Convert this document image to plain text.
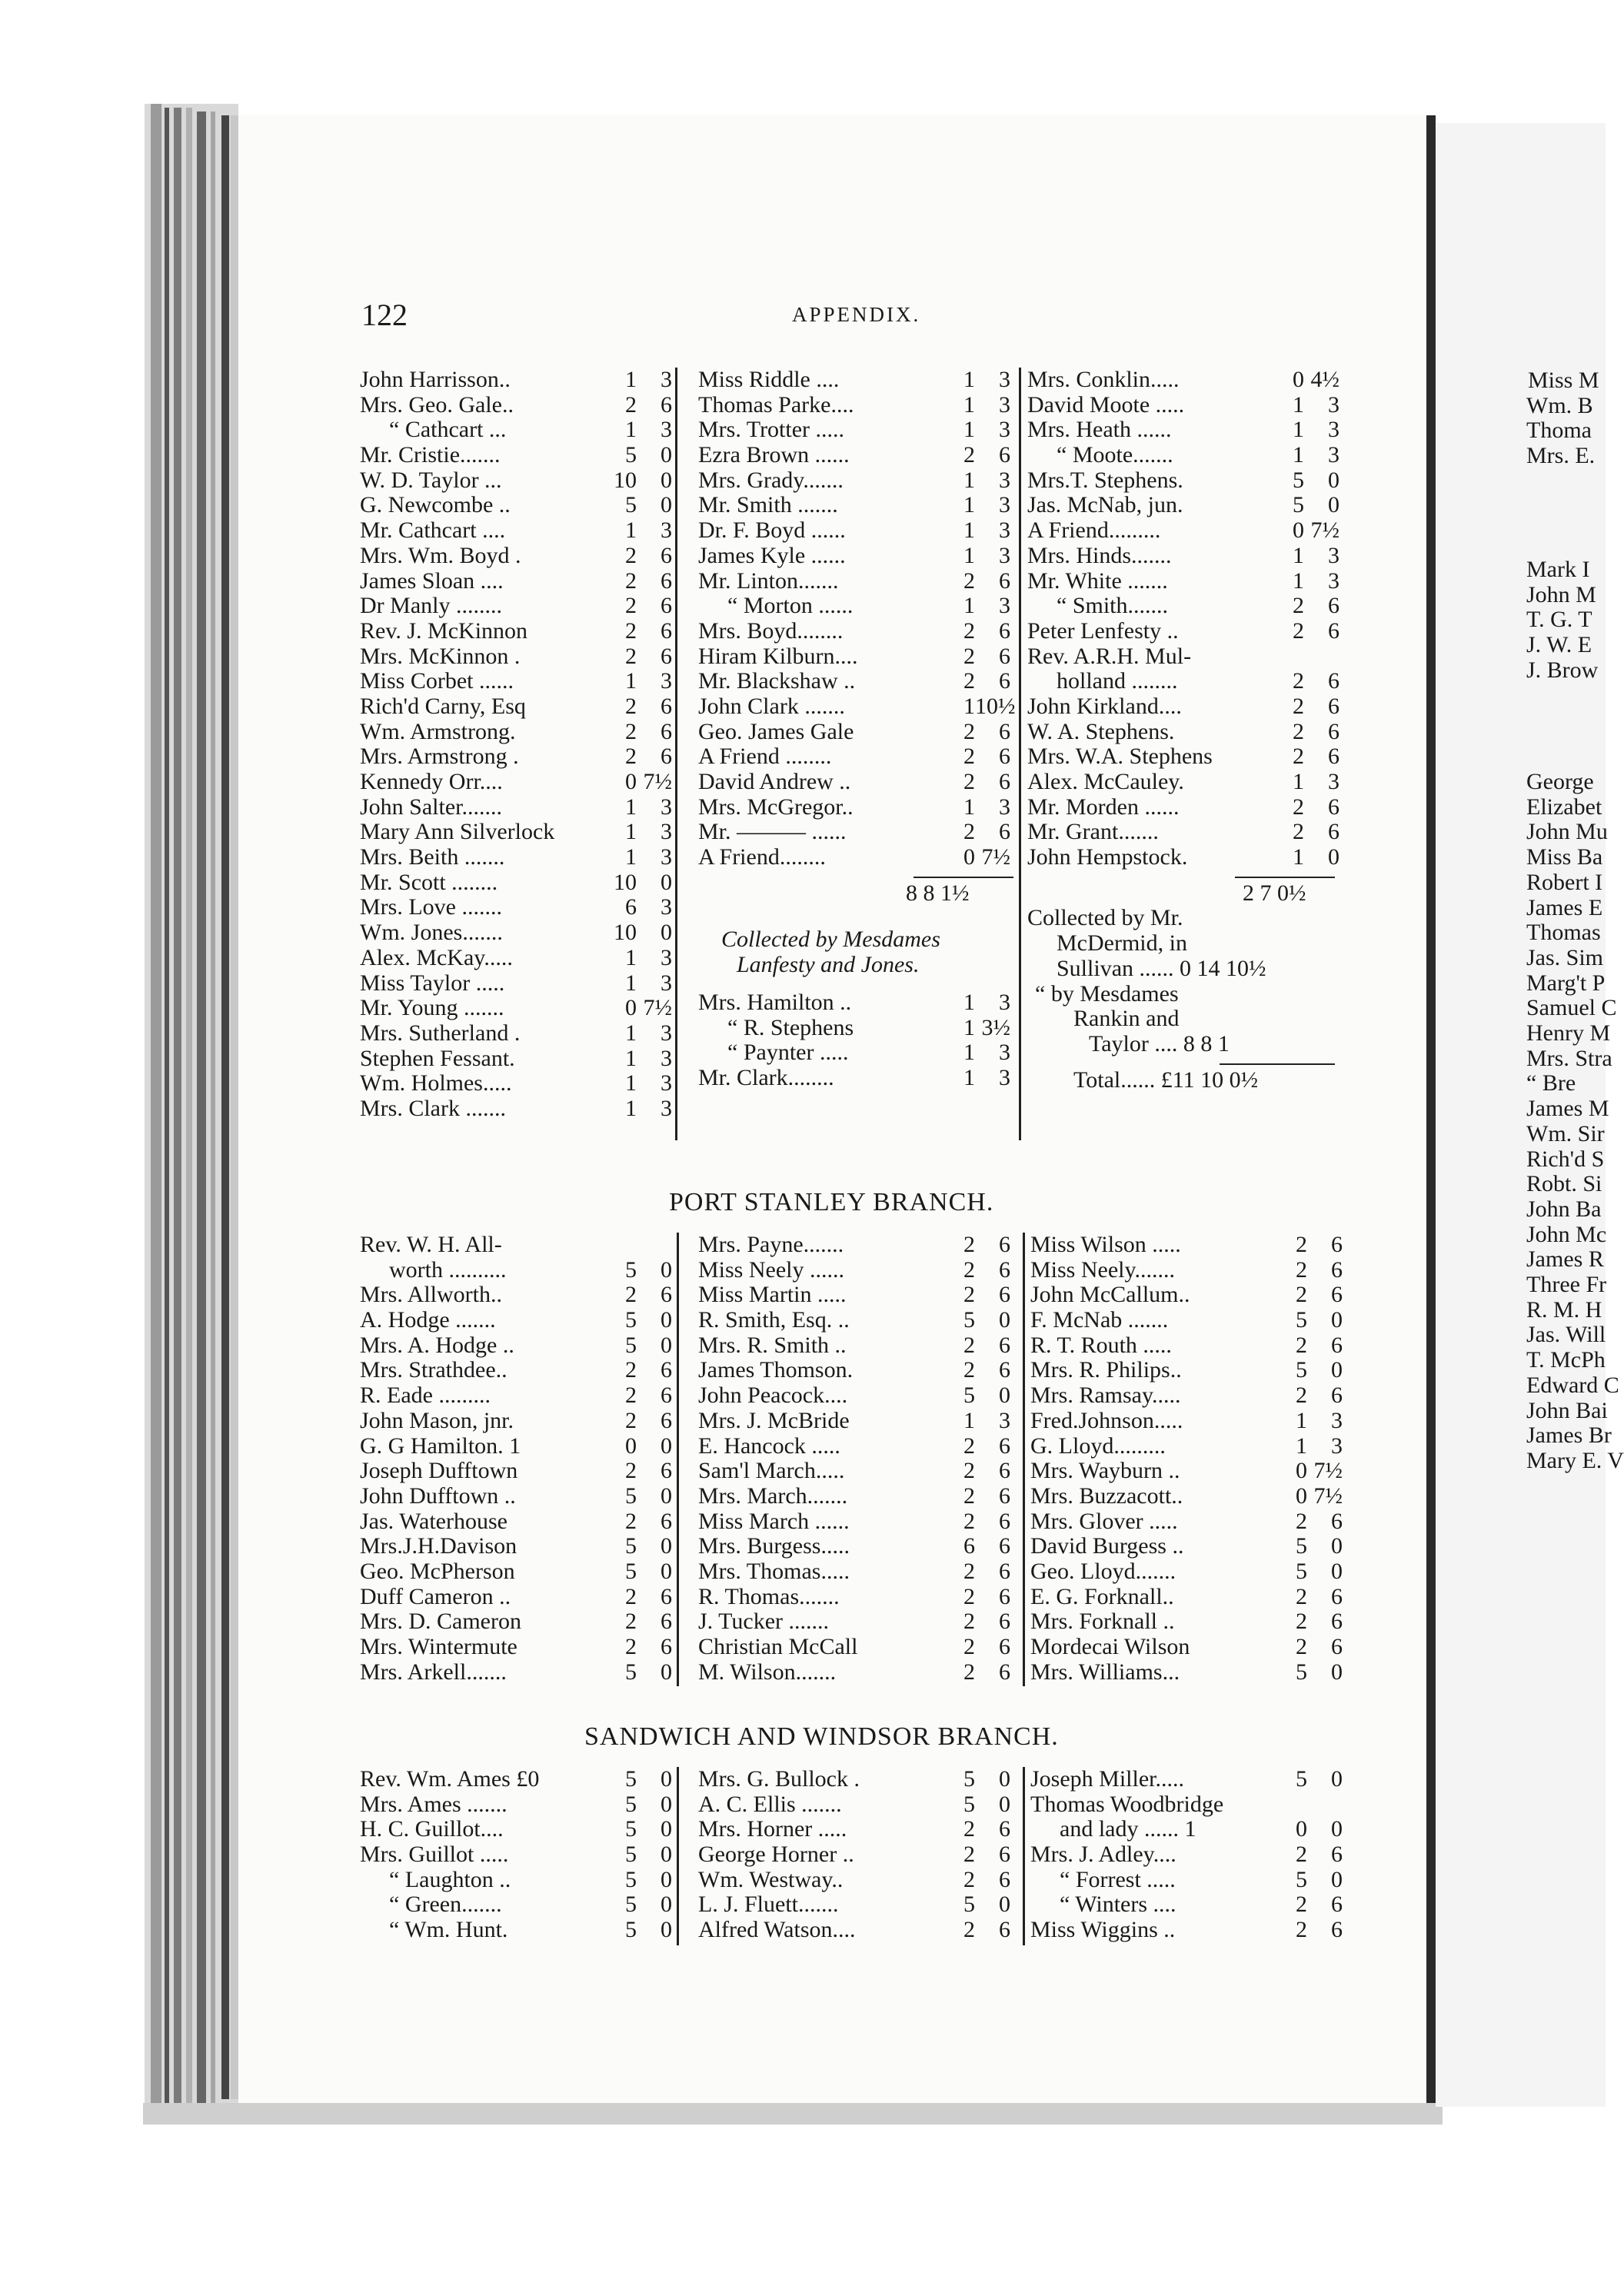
122	APPENDIX.
John Harrisson..	1	3
Mrs. Geo. Gale..	2	6
“ Cathcart ...	1	3
Mr. Cristie.......	5	0
W. D. Taylor ...	10	0
G. Newcombe ..	5	0
Mr. Cathcart ....	1	3
Mrs. Wm. Boyd .	2	6
James Sloan ....	2	6
Dr Manly ........	2	6
Rev. J. McKinnon	2	6
Mrs. McKinnon .	2	6
Miss Corbet ......	1	3
Rich'd Carny, Esq	2	6
Wm. Armstrong.	2	6
Mrs. Armstrong .	2	6
Kennedy Orr....	0 7½
John Salter.......	1	3
Mary Ann Silverlock	1	3
Mrs. Beith .......	1	3
Mr. Scott ........	10	0
Mrs. Love .......	6	3
Wm. Jones.......	10	0
Alex. McKay.....	1	3
Miss Taylor .....	1	3
Mr. Young .......	0 7½
Mrs. Sutherland .	1	3
Stephen Fessant.	1	3
Wm. Holmes.....	1	3
Mrs. Clark .......	1	3
Miss Riddle ....	1	3
Thomas Parke....	1	3
Mrs. Trotter .....	1	3
Ezra Brown ......	2	6
Mrs. Grady.......	1	3
Mr. Smith .......	1	3
Dr. F. Boyd ......	1	3
James Kyle ......	1	3
Mr. Linton.......	2	6
“ Morton ......	1	3
Mrs. Boyd........	2	6
Hiram Kilburn....	2	6
Mr. Blackshaw ..	2	6
John Clark .......	1 10½
Geo. James Gale	2	6
A Friend ........	2	6
David Andrew ..	2	6
Mrs. McGregor..	1	3
Mr. ——— ......	2	6
A Friend........	0 7½
8 8 1½
Collected by Mesdames
Lanfesty and Jones.
Mrs. Hamilton ..	1	3
“ R. Stephens	1 3½
“ Paynter .....	1	3
Mr. Clark........	1	3
Mrs. Conklin.....	0 4½
David Moote .....	1	3
Mrs. Heath ......	1	3
“ Moote.......	1	3
Mrs.T. Stephens.	5	0
Jas. McNab, jun.	5	0
A Friend.........	0 7½
Mrs. Hinds.......	1	3
Mr. White .......	1	3
“ Smith.......	2	6
Peter Lenfesty ..	2	6
Rev. A.R.H. Mul-
holland ........	2	6
John Kirkland....	2	6
W. A. Stephens.	2	6
Mrs. W.A. Stephens	2	6
Alex. McCauley.	1	3
Mr. Morden ......	2	6
Mr. Grant.......	2	6
John Hempstock.	1	0
2 7 0½
Collected by Mr.
McDermid, in
Sullivan ...... 0 14 10½
“ by Mesdames
Rankin and
Taylor .... 8 8 1
Total...... £11 10 0½
PORT STANLEY BRANCH.
Rev. W. H. All-
worth ..........	5	0
Mrs. Allworth..	2	6
A. Hodge .......	5	0
Mrs. A. Hodge ..	5	0
Mrs. Strathdee..	2	6
R. Eade .........	2	6
John Mason, jnr.	2	6
G. G Hamilton. 1	0	0
Joseph Dufftown	2	6
John Dufftown ..	5	0
Jas. Waterhouse	2	6
Mrs.J.H.Davison	5	0
Geo. McPherson	5	0
Duff Cameron ..	2	6
Mrs. D. Cameron	2	6
Mrs. Wintermute	2	6
Mrs. Arkell.......	5	0
Mrs. Payne.......	2	6
Miss Neely ......	2	6
Miss Martin .....	2	6
R. Smith, Esq. ..	5	0
Mrs. R. Smith ..	2	6
James Thomson.	2	6
John Peacock....	5	0
Mrs. J. McBride	1	3
E. Hancock .....	2	6
Sam'l March.....	2	6
Mrs. March.......	2	6
Miss March ......	2	6
Mrs. Burgess.....	6	6
Mrs. Thomas.....	2	6
R. Thomas.......	2	6
J. Tucker .......	2	6
Christian McCall	2	6
M. Wilson.......	2	6
Miss Wilson .....	2	6
Miss Neely.......	2	6
John McCallum..	2	6
F. McNab .......	5	0
R. T. Routh .....	2	6
Mrs. R. Philips..	5	0
Mrs. Ramsay.....	2	6
Fred.Johnson.....	1	3
G. Lloyd.........	1	3
Mrs. Wayburn ..	0 7½
Mrs. Buzzacott..	0 7½
Mrs. Glover .....	2	6
David Burgess ..	5	0
Geo. Lloyd.......	5	0
E. G. Forknall..	2	6
Mrs. Forknall ..	2	6
Mordecai Wilson	2	6
Mrs. Williams...	5	0
SANDWICH AND WINDSOR BRANCH.
Rev. Wm. Ames £0	5	0
Mrs. Ames .......	5	0
H. C. Guillot....	5	0
Mrs. Guillot .....	5	0
“ Laughton ..	5	0
“ Green.......	5	0
“ Wm. Hunt.	5	0
Mrs. G. Bullock .	5	0
A. C. Ellis .......	5	0
Mrs. Horner .....	2	6
George Horner ..	2	6
Wm. Westway..	2	6
L. J. Fluett.......	5	0
Alfred Watson....	2	6
Joseph Miller.....	5	0
Thomas Woodbridge
and lady ...... 1	0	0
Mrs. J. Adley....	2	6
“ Forrest .....	5	0
“ Winters ....	2	6
Miss Wiggins ..	2	6
Miss M
Wm. B
Thoma
Mrs. E.
Mark I
John M
T. G. T
J. W. E
J. Brow
George
Elizabet
John Mu
Miss Ba
Robert I
James E
Thomas
Jas. Sim
Marg't P
Samuel C
Henry M
Mrs. Stra
“ Bre
James M
Wm. Sir
Rich'd S
Robt. Si
John Ba
John Mc
James R
Three Fr
R. M. H
Jas. Will
T. McPh
Edward C
John Bai
James Br
Mary E. V
